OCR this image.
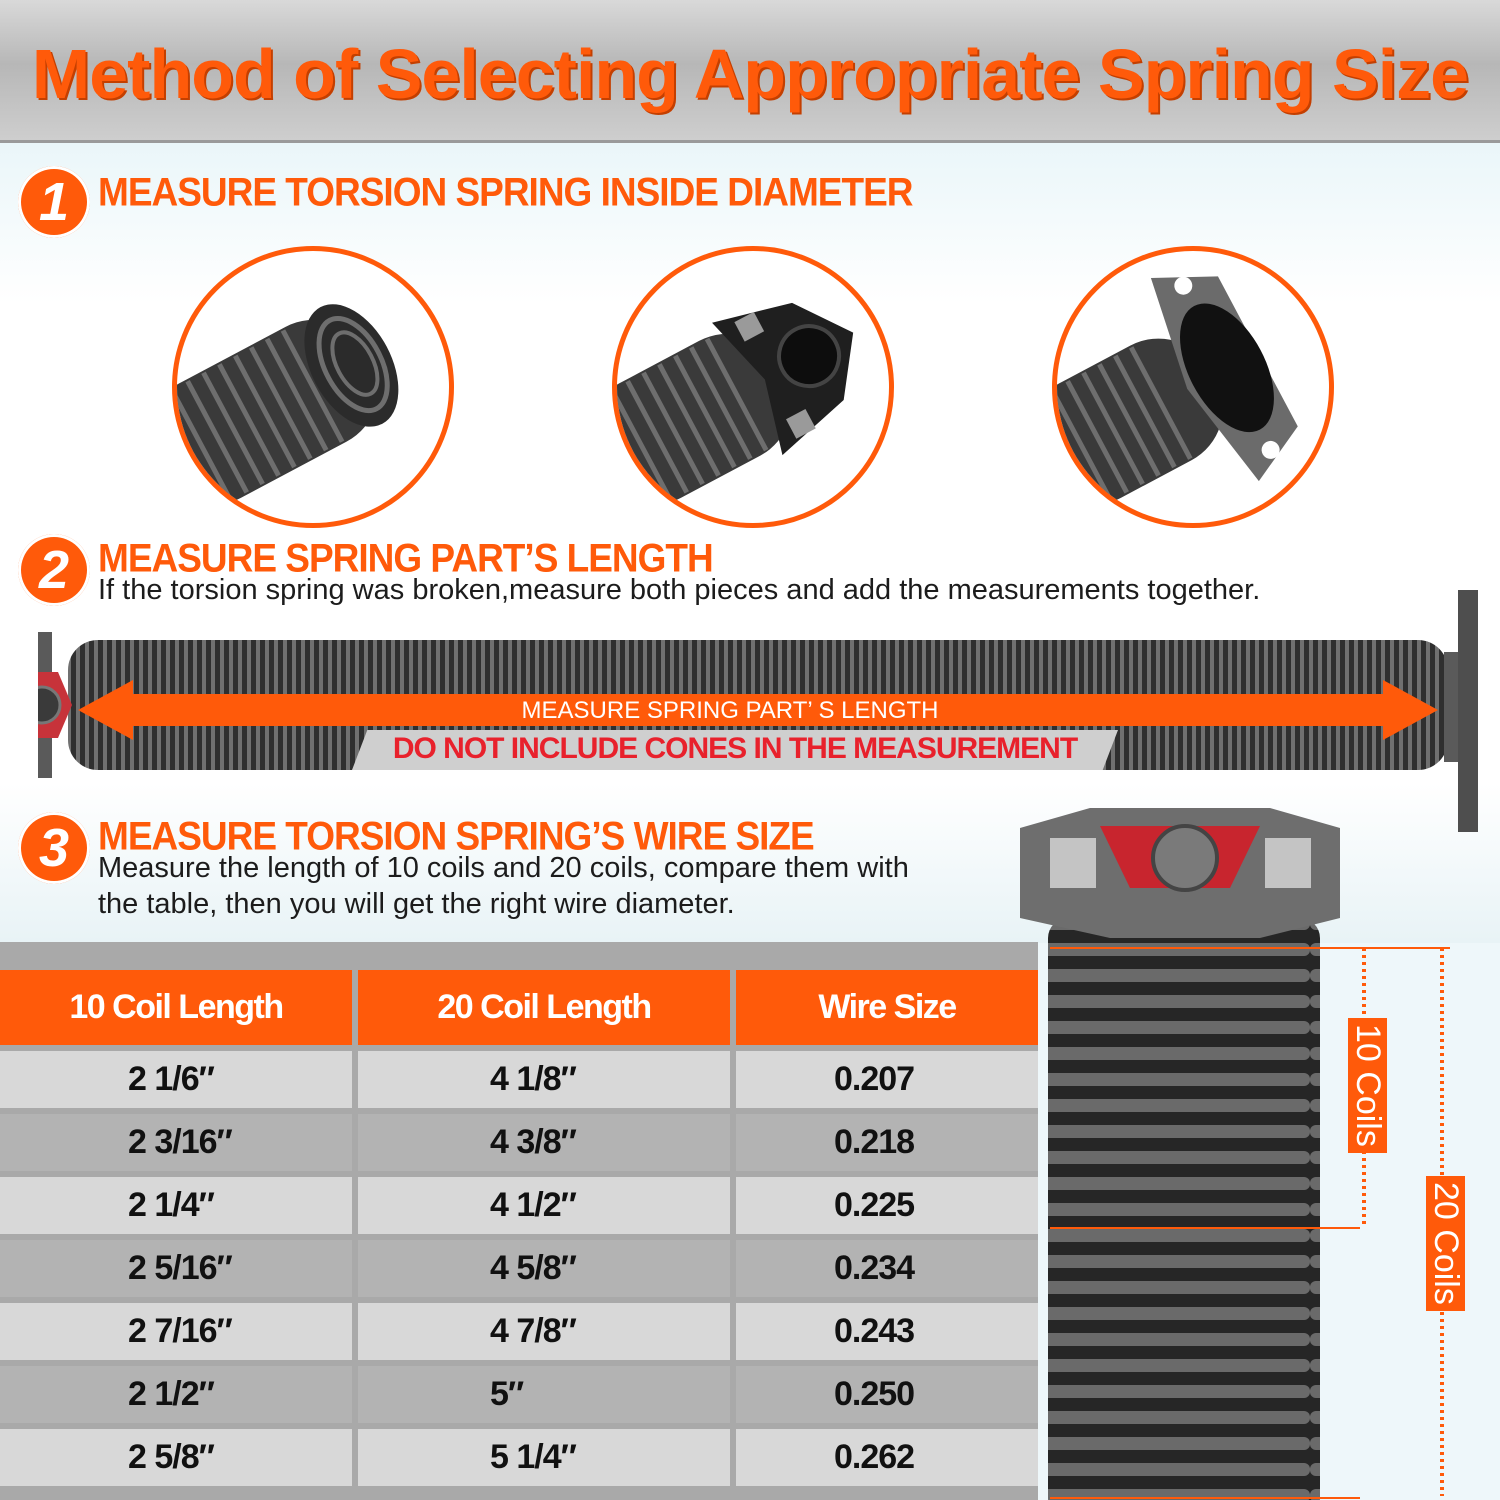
Method of Selecting Appropriate Spring Size
1 MEASURE TORSION SPRING INSIDE DIAMETER
2 MEASURE SPRING PART’S LENGTH
If the torsion spring was broken,measure both pieces and add the measurements together.
MEASURE SPRING PART’ S LENGTH
DO NOT INCLUDE CONES IN THE MEASUREMENT
3 MEASURE TORSION SPRING’S WIRE SIZE
Measure the length of 10 coils and 20 coils, compare them with
the table, then you will get the right wire diameter.
10 Coil Length	20 Coil Length	Wire Size
2 1/6″	4 1/8″	0.207
2 3/16″	4 3/8″	0.218
2 1/4″	4 1/2″	0.225
2 5/16″	4 5/8″	0.234
2 7/16″	4 7/8″	0.243
2 1/2″	5″	0.250
2 5/8″	5 1/4″	0.262
10 Coils
20 Coils
